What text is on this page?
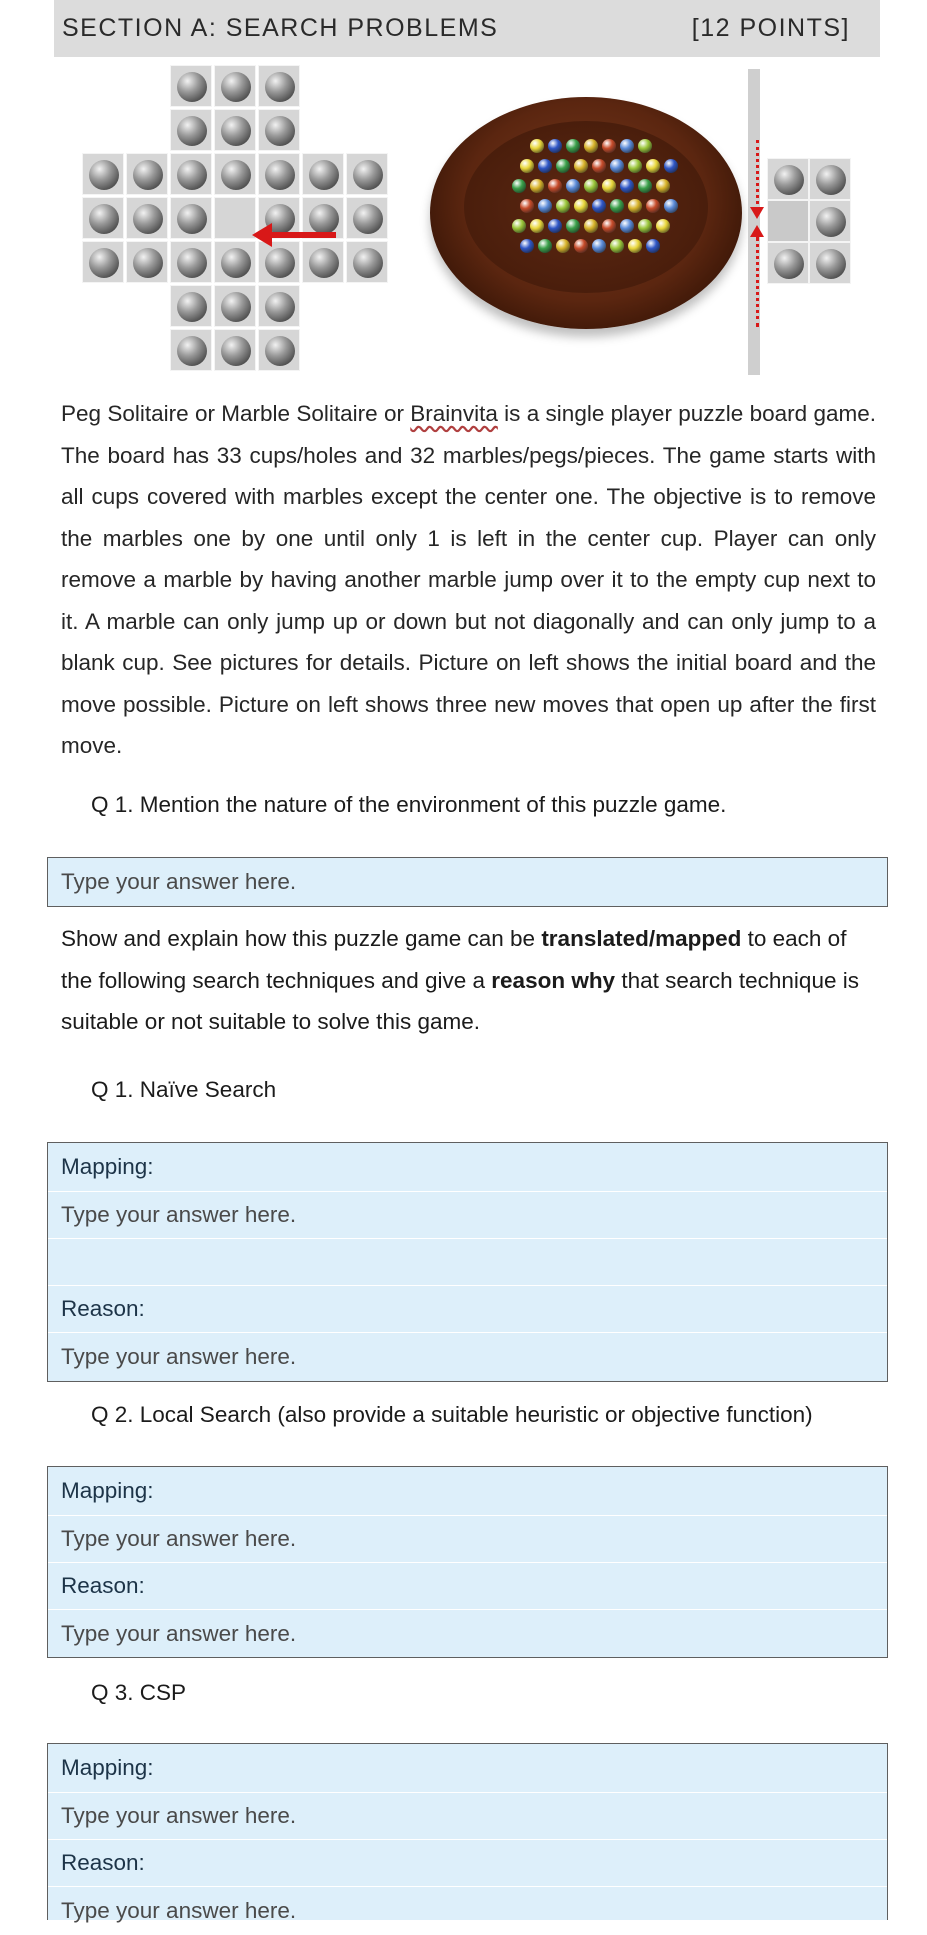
SECTION A: SEARCH PROBLEMS	[12 POINTS]
Peg Solitaire or Marble Solitaire or Brainvita is a single player puzzle board game. The board has 33 cups/holes and 32 marbles/pegs/pieces. The game starts with all cups covered with marbles except the center one. The objective is to remove the marbles one by one until only 1 is left in the center cup. Player can only remove a marble by having another marble jump over it to the empty cup next to it. A marble can only jump up or down but not diagonally and can only jump to a blank cup. See pictures for details. Picture on left shows the initial board and the move possible. Picture on left shows three new moves that open up after the first move.
Q 1. Mention the nature of the environment of this puzzle game.
Type your answer here.
Show and explain how this puzzle game can be translated/mapped to each of the following search techniques and give a reason why that search technique is suitable or not suitable to solve this game.
Q 1. Naïve Search
Mapping:
Type your answer here.
Reason:
Type your answer here.
Q 2. Local Search (also provide a suitable heuristic or objective function)
Mapping:
Type your answer here.
Reason:
Type your answer here.
Q 3. CSP
Mapping:
Type your answer here.
Reason:
Type your answer here.
